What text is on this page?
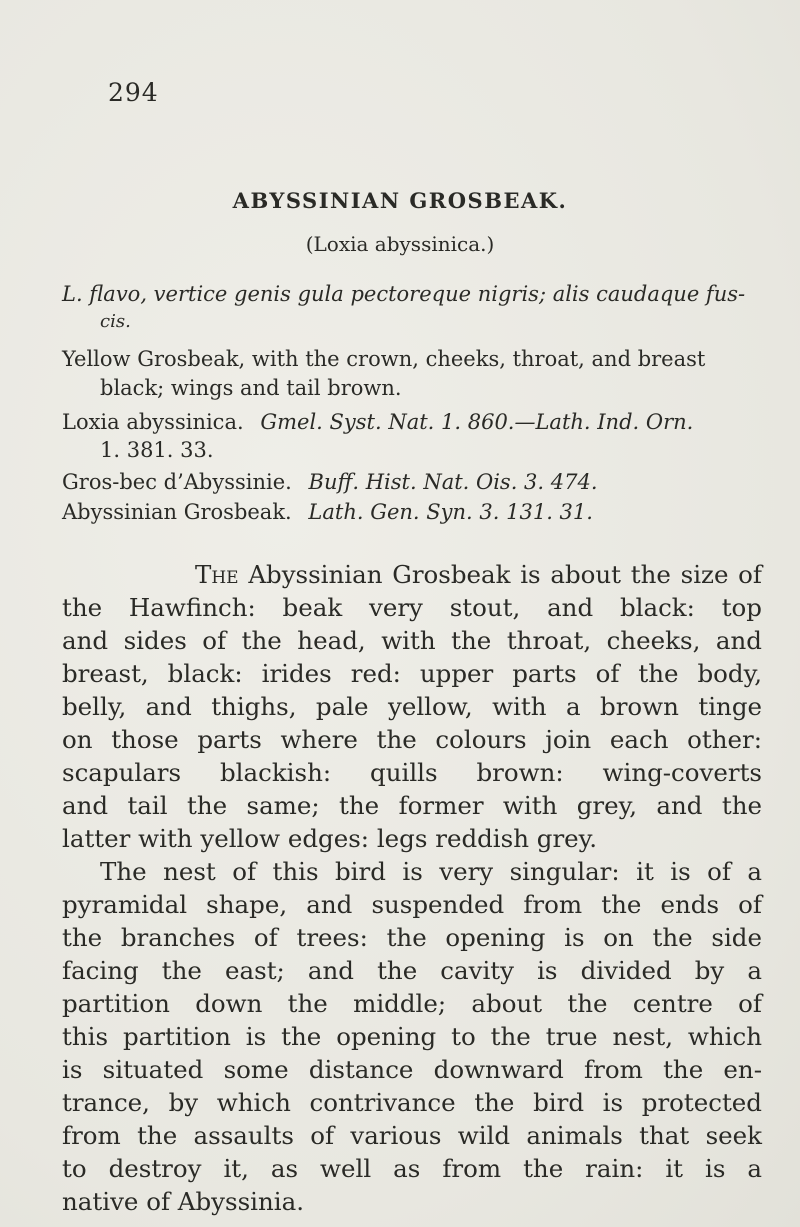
294
ABYSSINIAN GROSBEAK.
(Loxia abyssinica.)
L. flavo, vertice genis gula pectoreque nigris; alis caudaque fus-
cis.
Yellow Grosbeak, with the crown, cheeks, throat, and breast
black; wings and tail brown.
Loxia abyssinica. Gmel. Syst. Nat. 1. 860.—Lath. Ind. Orn.
1. 381. 33.
Gros-bec d’Abyssinie. Buff. Hist. Nat. Ois. 3. 474.
Abyssinian Grosbeak. Lath. Gen. Syn. 3. 131. 31.
The Abyssinian Grosbeak is about the size of
the Hawfinch: beak very stout, and black: top
and sides of the head, with the throat, cheeks, and
breast, black: irides red: upper parts of the body,
belly, and thighs, pale yellow, with a brown tinge
on those parts where the colours join each other:
scapulars blackish: quills brown: wing-coverts
and tail the same; the former with grey, and the
latter with yellow edges: legs reddish grey.
The nest of this bird is very singular: it is of a
pyramidal shape, and suspended from the ends of
the branches of trees: the opening is on the side
facing the east; and the cavity is divided by a
partition down the middle; about the centre of
this partition is the opening to the true nest, which
is situated some distance downward from the en-
trance, by which contrivance the bird is protected
from the assaults of various wild animals that seek
to destroy it, as well as from the rain: it is a
native of Abyssinia.
